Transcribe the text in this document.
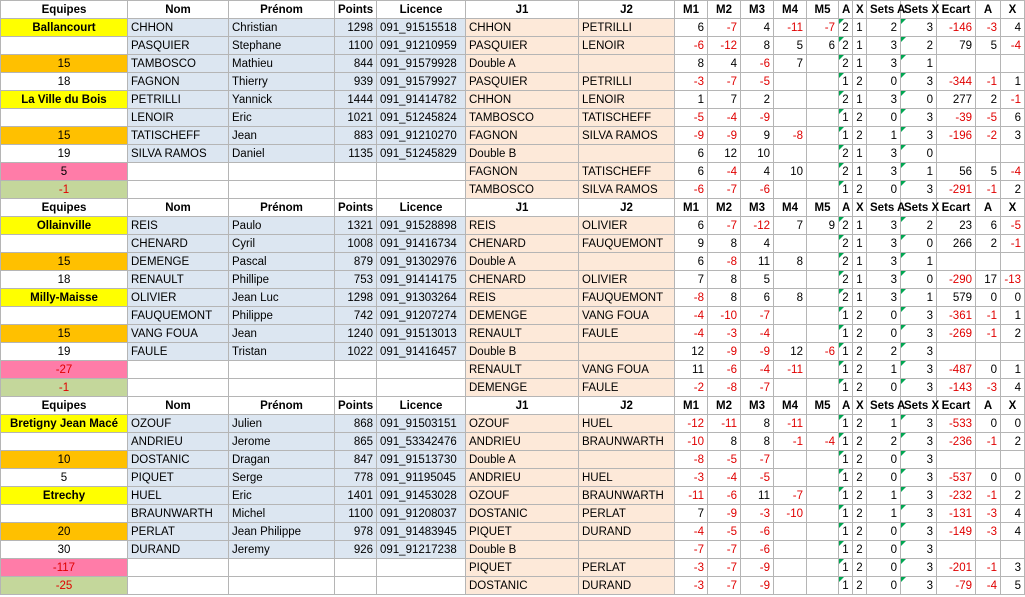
Equipes	Nom	Prénom	Points	Licence	J1	J2	M1	M2	M3	M4	M5	A	X	Sets A	Sets X	Ecart	A	X
Ballancourt	CHHON	Christian	1298	091_91515518	CHHON	PETRILLI	6	-7	4	-11	-7	2	1	2	3	-146	-3	4
	PASQUIER	Stephane	1100	091_91210959	PASQUIER	LENOIR	-6	-12	8	5	6	2	1	3	2	79	5	-4
15	TAMBOSCO	Mathieu	844	091_91579928	Double A		8	4	-6	7		2	1	3	1			
18	FAGNON	Thierry	939	091_91579927	PASQUIER	PETRILLI	-3	-7	-5			1	2	0	3	-344	-1	1
La Ville du Bois	PETRILLI	Yannick	1444	091_91414782	CHHON	LENOIR	1	7	2			2	1	3	0	277	2	-1
	LENOIR	Eric	1021	091_51245824	TAMBOSCO	TATISCHEFF	-5	-4	-9			1	2	0	3	-39	-5	6
15	TATISCHEFF	Jean	883	091_91210270	FAGNON	SILVA RAMOS	-9	-9	9	-8		1	2	1	3	-196	-2	3
19	SILVA RAMOS	Daniel	1135	091_51245829	Double B		6	12	10			2	1	3	0			
5					FAGNON	TATISCHEFF	6	-4	4	10		2	1	3	1	56	5	-4
-1					TAMBOSCO	SILVA RAMOS	-6	-7	-6			1	2	0	3	-291	-1	2
Equipes	Nom	Prénom	Points	Licence	J1	J2	M1	M2	M3	M4	M5	A	X	Sets A	Sets X	Ecart	A	X
Ollainville	REIS	Paulo	1321	091_91528898	REIS	OLIVIER	6	-7	-12	7	9	2	1	3	2	23	6	-5
	CHENARD	Cyril	1008	091_91416734	CHENARD	FAUQUEMONT	9	8	4			2	1	3	0	266	2	-1
15	DEMENGE	Pascal	879	091_91302976	Double A		6	-8	11	8		2	1	3	1			
18	RENAULT	Phillipe	753	091_91414175	CHENARD	OLIVIER	7	8	5			2	1	3	0	-290	17	-13
Milly-Maisse	OLIVIER	Jean Luc	1298	091_91303264	REIS	FAUQUEMONT	-8	8	6	8		2	1	3	1	579	0	0
	FAUQUEMONT	Philippe	742	091_91207274	DEMENGE	VANG FOUA	-4	-10	-7			1	2	0	3	-361	-1	1
15	VANG FOUA	Jean	1240	091_91513013	RENAULT	FAULE	-4	-3	-4			1	2	0	3	-269	-1	2
19	FAULE	Tristan	1022	091_91416457	Double B		12	-9	-9	12	-6	1	2	2	3			
-27					RENAULT	VANG FOUA	11	-6	-4	-11		1	2	1	3	-487	0	1
-1					DEMENGE	FAULE	-2	-8	-7			1	2	0	3	-143	-3	4
Equipes	Nom	Prénom	Points	Licence	J1	J2	M1	M2	M3	M4	M5	A	X	Sets A	Sets X	Ecart	A	X
Bretigny Jean Macé	OZOUF	Julien	868	091_91503151	OZOUF	HUEL	-12	-11	8	-11		1	2	1	3	-533	0	0
	ANDRIEU	Jerome	865	091_53342476	ANDRIEU	BRAUNWARTH	-10	8	8	-1	-4	1	2	2	3	-236	-1	2
10	DOSTANIC	Dragan	847	091_91513730	Double A		-8	-5	-7			1	2	0	3			
5	PIQUET	Serge	778	091_91195045	ANDRIEU	HUEL	-3	-4	-5			1	2	0	3	-537	0	0
Etrechy	HUEL	Eric	1401	091_91453028	OZOUF	BRAUNWARTH	-11	-6	11	-7		1	2	1	3	-232	-1	2
	BRAUNWARTH	Michel	1100	091_91208037	DOSTANIC	PERLAT	7	-9	-3	-10		1	2	1	3	-131	-3	4
20	PERLAT	Jean Philippe	978	091_91483945	PIQUET	DURAND	-4	-5	-6			1	2	0	3	-149	-3	4
30	DURAND	Jeremy	926	091_91217238	Double B		-7	-7	-6			1	2	0	3			
-117					PIQUET	PERLAT	-3	-7	-9			1	2	0	3	-201	-1	3
-25					DOSTANIC	DURAND	-3	-7	-9			1	2	0	3	-79	-4	5
